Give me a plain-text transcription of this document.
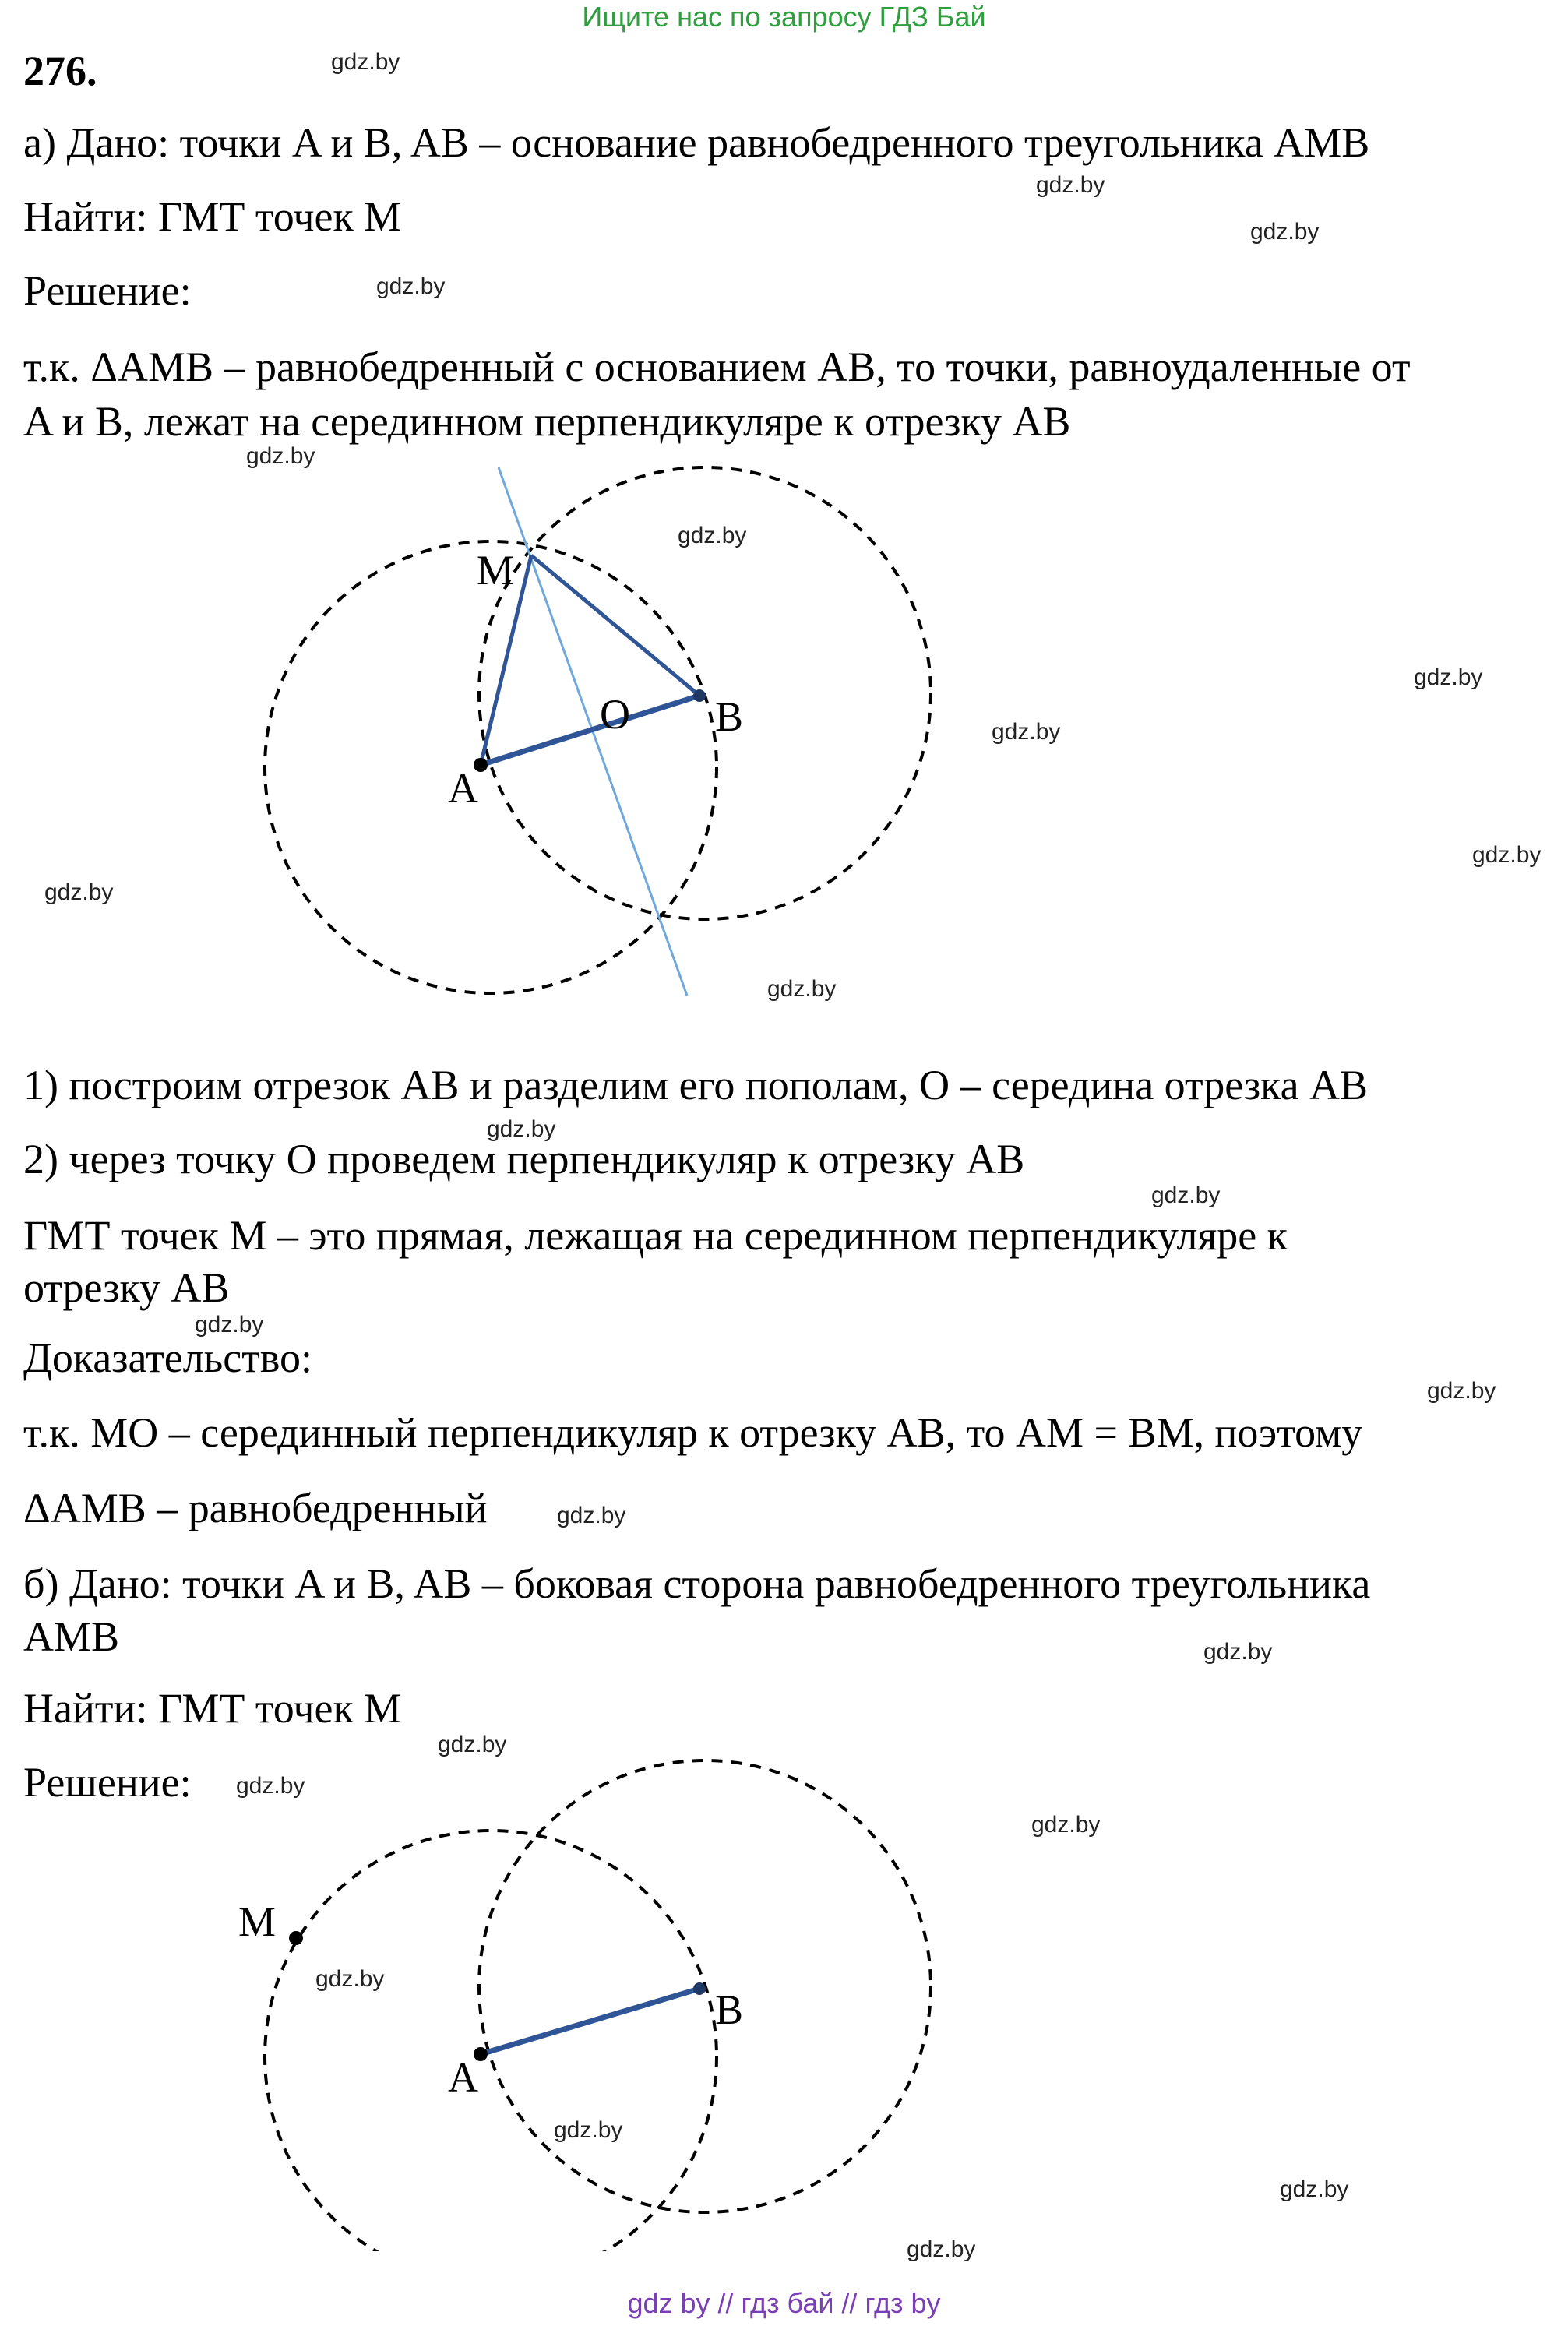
Ищите нас по запросу ГДЗ Бай

276.

а) Дано: точки A и B, AB – основание равнобедренного треугольника AMB

Найти: ГМТ точек M

Решение:

т.к. ΔAMB – равнобедренный с основанием AB, то точки, равноудаленные от

A и B, лежат на серединном перпендикуляре к отрезку AB

M
A
B
O

1) построим отрезок AB и разделим его пополам, O – середина отрезка AB

2) через точку O проведем перпендикуляр к отрезку AB

ГМТ точек M – это прямая, лежащая на серединном перпендикуляре к

отрезку AB

Доказательство:

т.к. MO – серединный перпендикуляр к отрезку AB, то AM = BM, поэтому

ΔAMB – равнобедренный

б) Дано: точки A и B, AB – боковая сторона равнобедренного треугольника

AMB

Найти: ГМТ точек M

Решение:

M
A
B

gdz.by

gdz.by

gdz.by

gdz.by

gdz.by

gdz.by

gdz.by

gdz.by

gdz.by

gdz.by

gdz.by

gdz.by

gdz.by

gdz.by

gdz.by

gdz.by

gdz.by

gdz.by

gdz.by

gdz.by

gdz.by

gdz.by

gdz.by

gdz.by

gdz by // гдз бай // гдз by
